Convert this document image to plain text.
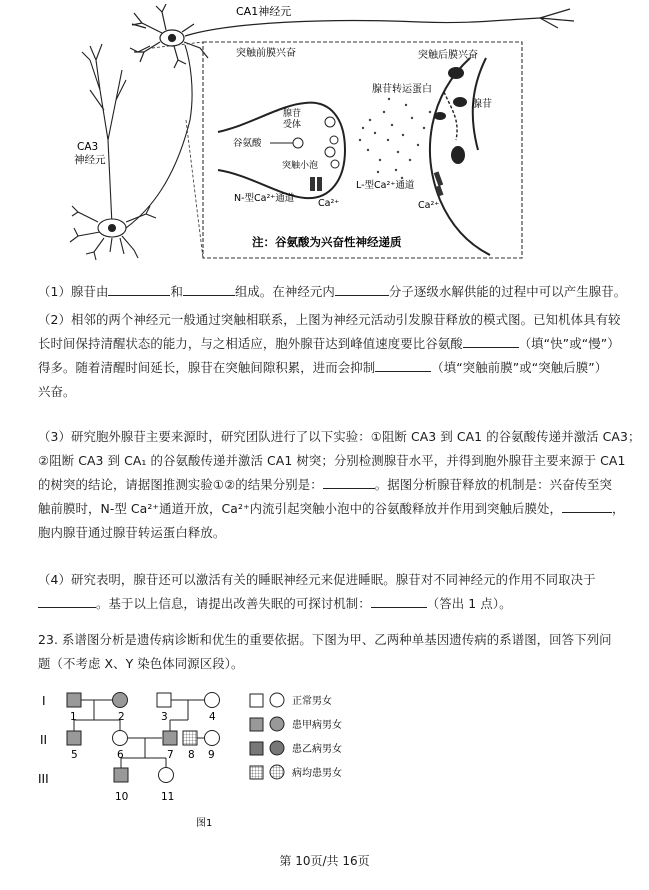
CA1神经元
CA3
神经元
突触前膜兴奋	突触后膜兴奋
腺苷转运蛋白
腺苷
谷氨酸
腺苷
受体
突触小泡
N-型Ca²⁺通道 Ca²⁺
L-型Ca²⁺通道
Ca²⁺
注：谷氨酸为兴奋性神经递质
（1）腺苷由	和	组成。在神经元内	分子逐级水解供能的过程中可以产生腺苷。
（2）相邻的两个神经元一般通过突触相联系，上图为神经元活动引发腺苷释放的模式图。已知机体具有较
长时间保持清醒状态的能力，与之相适应，胞外腺苷达到峰值速度要比谷氨酸	（填“快”或“慢”）
得多。随着清醒时间延长，腺苷在突触间隙积累，进而会抑制	（填“突触前膜”或“突触后膜”）
兴奋。
（3）研究胞外腺苷主要来源时，研究团队进行了以下实验：①阻断 CA3 到 CA1 的谷氨酸传递并激活 CA3；
②阻断 CA3 到 CA₁ 的谷氨酸传递并激活 CA1 树突；分别检测腺苷水平，并得到胞外腺苷主要来源于 CA1
的树突的结论，请据图推测实验①②的结果分别是：	。据图分析腺苷释放的机制是：兴奋传至突
触前膜时，N-型 Ca²⁺通道开放，Ca²⁺内流引起突触小泡中的谷氨酸释放并作用到突触后膜处，	，
胞内腺苷通过腺苷转运蛋白释放。
（4）研究表明，腺苷还可以激活有关的睡眠神经元来促进睡眠。腺苷对不同神经元的作用不同取决于
。基于以上信息，请提出改善失眠的可探讨机制：	（答出 1 点）。
23. 系谱图分析是遗传病诊断和优生的重要依据。下图为甲、乙两种单基因遗传病的系谱图，回答下列问
题（不考虑 X、Y 染色体同源区段）。
I
II
III
1	2	3	4
5	6	7 8 9
10	11
正常男女
患甲病男女
患乙病男女
病均患男女
图1
第 10页/共 16页
